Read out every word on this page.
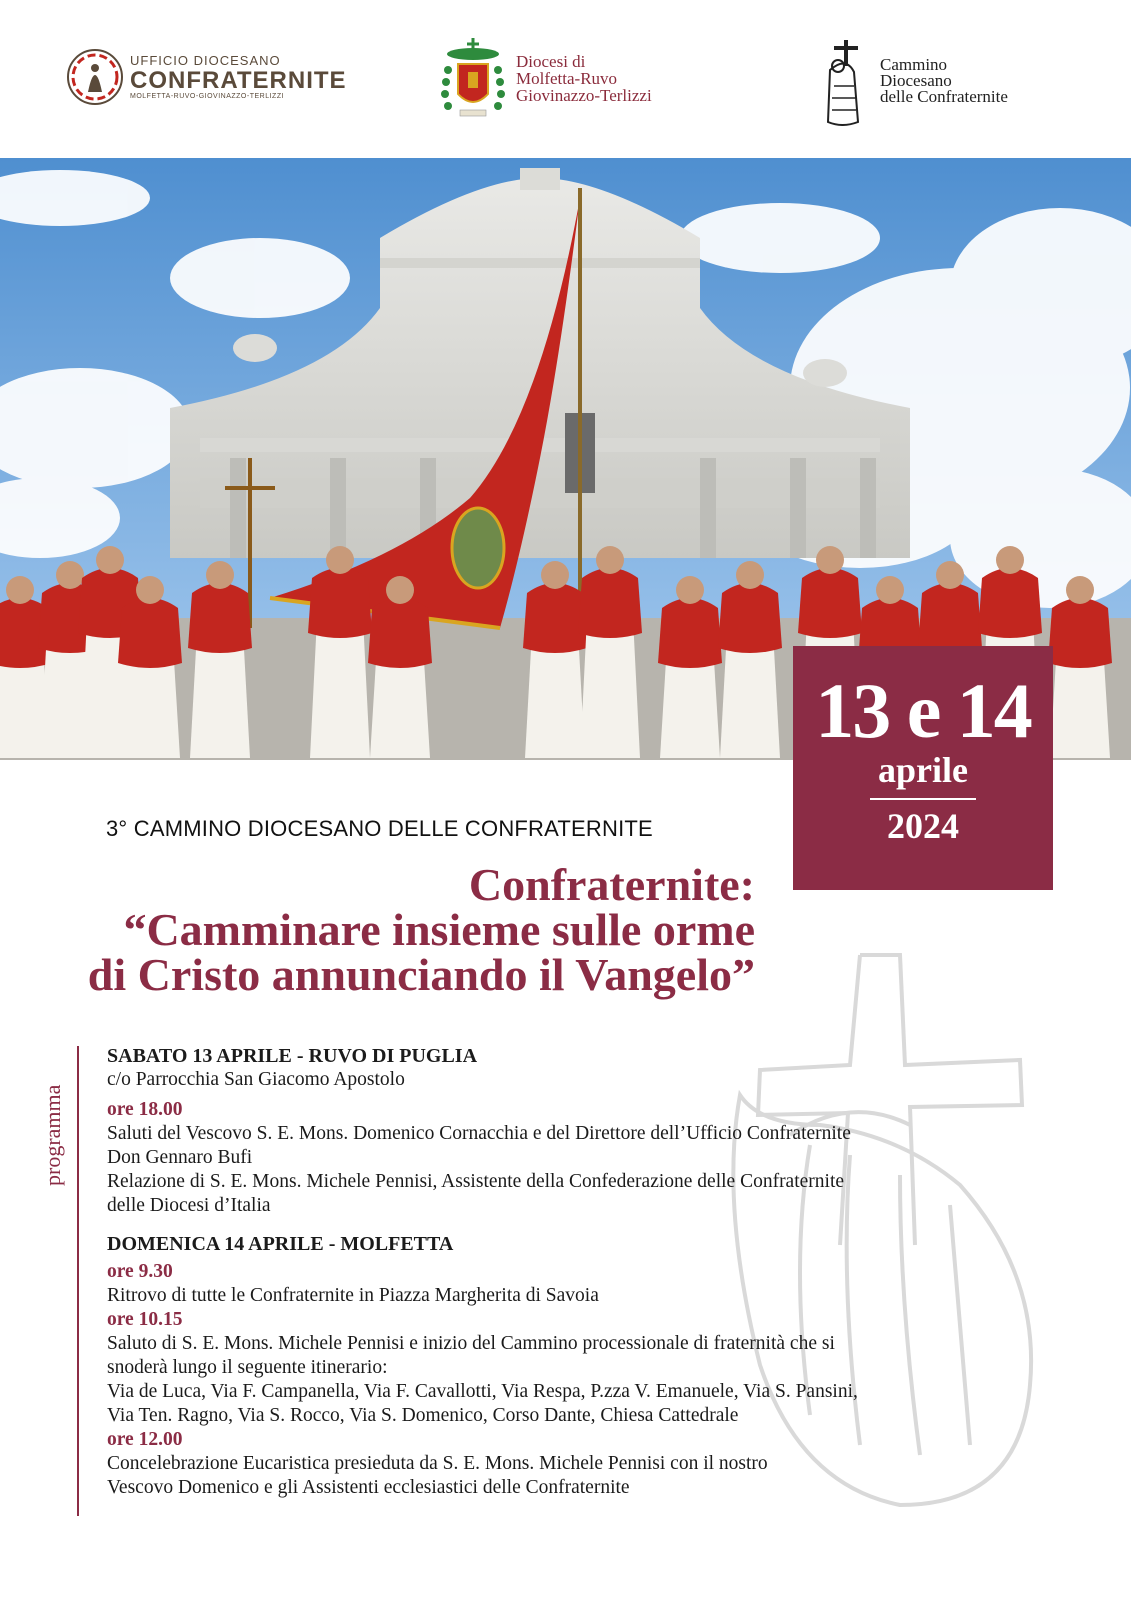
UFFICIO DIOCESANO
CONFRATERNITE
MOLFETTA-RUVO-GIOVINAZZO-TERLIZZI
Diocesi di
Molfetta-Ruvo
Giovinazzo-Terlizzi
Cammino
Diocesano
delle Confraternite
13 e 14
aprile
2024
3° CAMMINO DIOCESANO DELLE CONFRATERNITE
Confraternite:
“Camminare insieme sulle orme
di Cristo annunciando il Vangelo”
programma
SABATO 13 APRILE - RUVO DI PUGLIA
c/o Parrocchia San Giacomo Apostolo
ore 18.00
Saluti del Vescovo S. E. Mons. Domenico Cornacchia e del Direttore dell’Ufficio Confraternite
Don Gennaro Bufi
Relazione di S. E. Mons. Michele Pennisi, Assistente della Confederazione delle Confraternite
delle Diocesi d’Italia
DOMENICA 14 APRILE - MOLFETTA
ore 9.30
Ritrovo di tutte le Confraternite in Piazza Margherita di Savoia
ore 10.15
Saluto di S. E. Mons. Michele Pennisi e inizio del Cammino processionale di fraternità che si
snoderà lungo il seguente itinerario:
Via de Luca, Via F. Campanella, Via F. Cavallotti, Via Respa, P.zza V. Emanuele, Via S. Pansini,
Via Ten. Ragno, Via S. Rocco, Via S. Domenico, Corso Dante, Chiesa Cattedrale
ore 12.00
Concelebrazione Eucaristica presieduta da S. E. Mons. Michele Pennisi con il nostro
Vescovo Domenico e gli Assistenti ecclesiastici delle Confraternite
